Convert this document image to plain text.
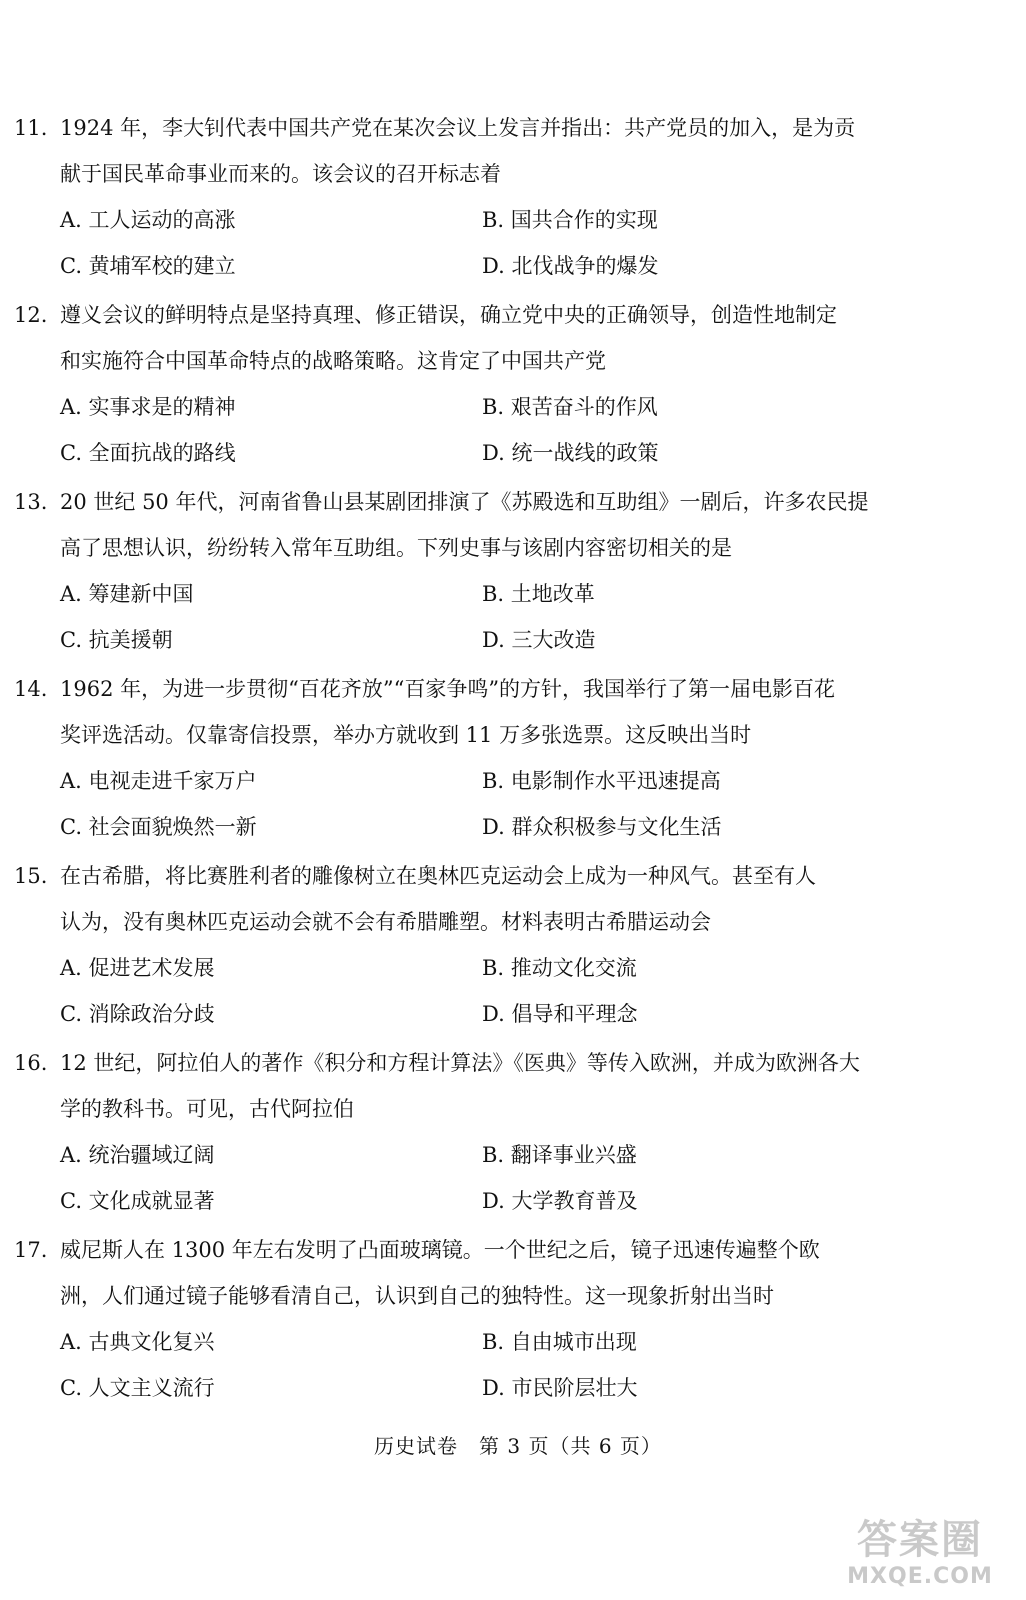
11. 1924 年，李大钊代表中国共产党在某次会议上发言并指出：共产党员的加入，是为贡
献于国民革命事业而来的。该会议的召开标志着
A. 工人运动的高涨	B. 国共合作的实现
C. 黄埔军校的建立	D. 北伐战争的爆发
12. 遵义会议的鲜明特点是坚持真理、修正错误，确立党中央的正确领导，创造性地制定
和实施符合中国革命特点的战略策略。这肯定了中国共产党
A. 实事求是的精神	B. 艰苦奋斗的作风
C. 全面抗战的路线	D. 统一战线的政策
13. 20 世纪 50 年代，河南省鲁山县某剧团排演了《苏殿选和互助组》一剧后，许多农民提
高了思想认识，纷纷转入常年互助组。下列史事与该剧内容密切相关的是
A. 筹建新中国	B. 土地改革
C. 抗美援朝	D. 三大改造
14. 1962 年，为进一步贯彻“百花齐放”“百家争鸣”的方针，我国举行了第一届电影百花
奖评选活动。仅靠寄信投票，举办方就收到 11 万多张选票。这反映出当时
A. 电视走进千家万户	B. 电影制作水平迅速提高
C. 社会面貌焕然一新	D. 群众积极参与文化生活
15. 在古希腊，将比赛胜利者的雕像树立在奥林匹克运动会上成为一种风气。甚至有人
认为，没有奥林匹克运动会就不会有希腊雕塑。材料表明古希腊运动会
A. 促进艺术发展	B. 推动文化交流
C. 消除政治分歧	D. 倡导和平理念
16. 12 世纪，阿拉伯人的著作《积分和方程计算法》《医典》等传入欧洲，并成为欧洲各大
学的教科书。可见，古代阿拉伯
A. 统治疆域辽阔	B. 翻译事业兴盛
C. 文化成就显著	D. 大学教育普及
17. 威尼斯人在 1300 年左右发明了凸面玻璃镜。一个世纪之后，镜子迅速传遍整个欧
洲，人们通过镜子能够看清自己，认识到自己的独特性。这一现象折射出当时
A. 古典文化复兴	B. 自由城市出现
C. 人文主义流行	D. 市民阶层壮大
历史试卷　第 3 页（共 6 页）
答案圈
MXQE.COM
